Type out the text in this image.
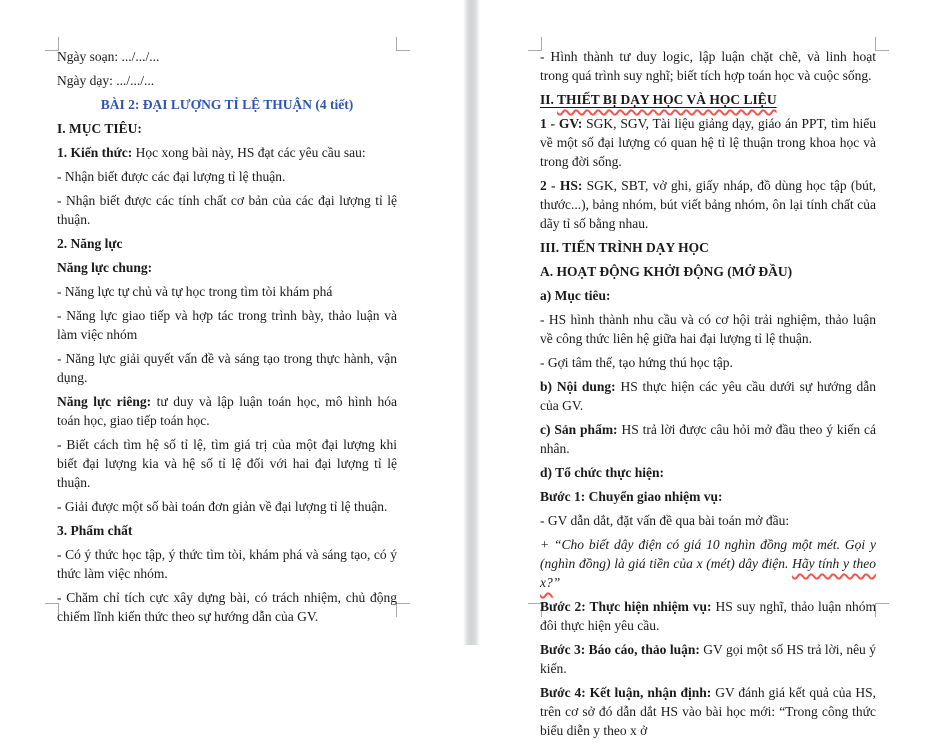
Ngày soạn: .../.../...

Ngày dạy: .../.../...

BÀI 2: ĐẠI LƯỢNG TỈ LỆ THUẬN (4 tiết)

I. MỤC TIÊU:

1. Kiến thức: Học xong bài này, HS đạt các yêu cầu sau:

- Nhận biết được các đại lượng tỉ lệ thuận.

- Nhận biết được các tính chất cơ bản của các đại lượng tỉ lệ thuận.

2. Năng lực

Năng lực chung:

- Năng lực tự chủ và tự học trong tìm tòi khám phá

- Năng lực giao tiếp và hợp tác trong trình bày, thảo luận và làm việc nhóm

- Năng lực giải quyết vấn đề và sáng tạo trong thực hành, vận dụng.

Năng lực riêng: tư duy và lập luận toán học, mô hình hóa toán học, giao tiếp toán học.

- Biết cách tìm hệ số tỉ lệ, tìm giá trị của một đại lượng khi biết đại lượng kia và hệ số tỉ lệ đối với hai đại lượng tỉ lệ thuận.

- Giải được một số bài toán đơn giản về đại lượng tỉ lệ thuận.

3. Phẩm chất

- Có ý thức học tập, ý thức tìm tòi, khám phá và sáng tạo, có ý thức làm việc nhóm.

- Chăm chỉ tích cực xây dựng bài, có trách nhiệm, chủ động chiếm lĩnh kiến thức theo sự hướng dẫn của GV.

- Hình thành tư duy logic, lập luận chặt chẽ, và linh hoạt trong quá trình suy nghĩ; biết tích hợp toán học và cuộc sống.

II. THIẾT BỊ DẠY HỌC VÀ HỌC LIỆU

1 - GV: SGK, SGV, Tài liệu giảng dạy, giáo án PPT, tìm hiểu về một số đại lượng có quan hệ tỉ lệ thuận trong khoa học và trong đời sống.

2 - HS: SGK, SBT, vở ghi, giấy nháp, đồ dùng học tập (bút, thước...), bảng nhóm, bút viết bảng nhóm, ôn lại tính chất của dãy tỉ số bằng nhau.

III. TIẾN TRÌNH DẠY HỌC

A. HOẠT ĐỘNG KHỞI ĐỘNG (MỞ ĐẦU)

a) Mục tiêu:

- HS hình thành nhu cầu và có cơ hội trải nghiệm, thảo luận về công thức liên hệ giữa hai đại lượng tỉ lệ thuận.

- Gợi tâm thế, tạo hứng thú học tập.

b) Nội dung: HS thực hiện các yêu cầu dưới sự hướng dẫn của GV.

c) Sản phẩm: HS trả lời được câu hỏi mở đầu theo ý kiến cá nhân.

d) Tổ chức thực hiện:

Bước 1: Chuyển giao nhiệm vụ:

- GV dẫn dắt, đặt vấn đề qua bài toán mở đầu:

+ “Cho biết dây điện có giá 10 nghìn đồng một mét. Gọi y (nghìn đồng) là giá tiền của x (mét) dây điện. Hãy tính y theo x?”

Bước 2: Thực hiện nhiệm vụ: HS suy nghĩ, thảo luận nhóm đôi thực hiện yêu cầu.

Bước 3: Báo cáo, thảo luận: GV gọi một số HS trả lời, nêu ý kiến.

Bước 4: Kết luận, nhận định: GV đánh giá kết quả của HS, trên cơ sở đó dẫn dắt HS vào bài học mới: “Trong công thức biểu diễn y theo x ở
